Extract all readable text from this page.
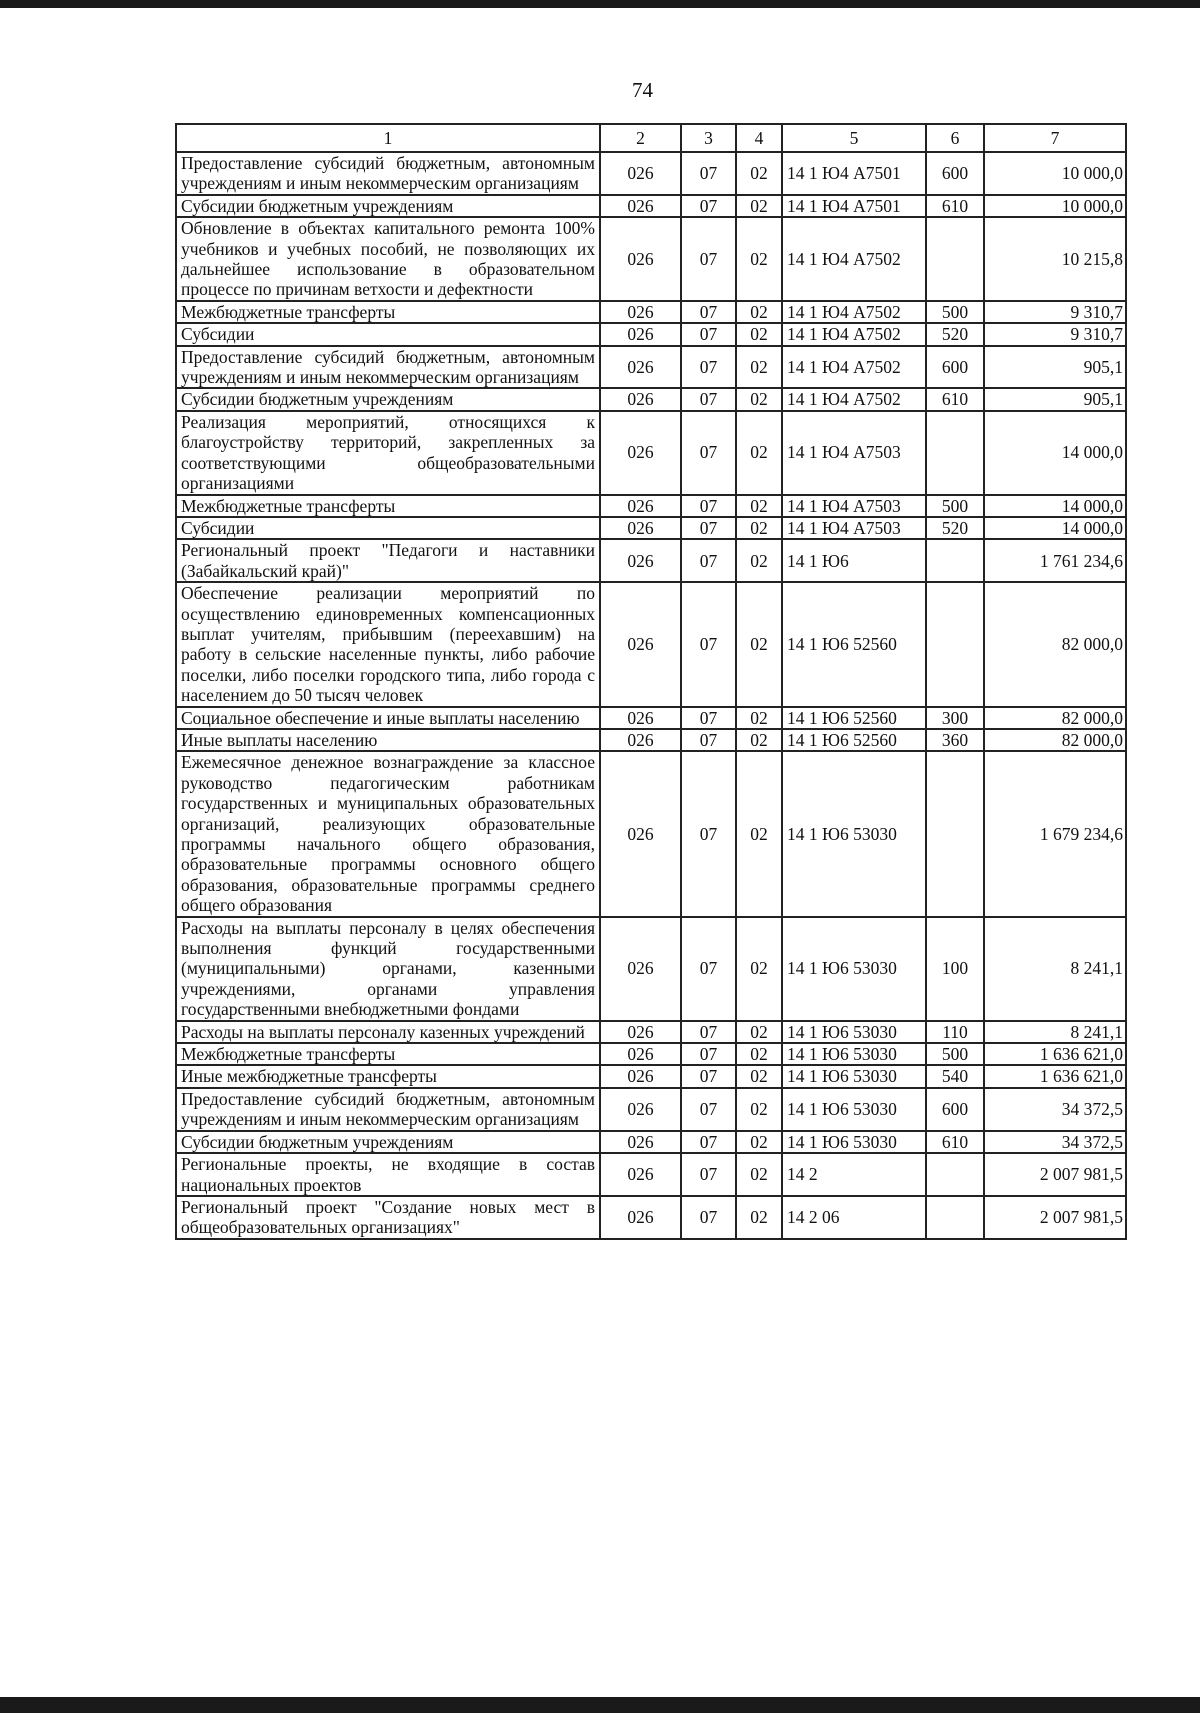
74
1	2	3	4	5	6	7
Предоставление субсидий бюджетным, автономным учреждениям и иным некоммерческим организациям	026	07	02	14 1 Ю4 А7501	600	10 000,0
Субсидии бюджетным учреждениям	026	07	02	14 1 Ю4 А7501	610	10 000,0
Обновление в объектах капитального ремонта 100% учебников и учебных пособий, не позволяющих их дальнейшее использование в образовательном процессе по причинам ветхости и дефектности	026	07	02	14 1 Ю4 А7502		10 215,8
Межбюджетные трансферты	026	07	02	14 1 Ю4 А7502	500	9 310,7
Субсидии	026	07	02	14 1 Ю4 А7502	520	9 310,7
Предоставление субсидий бюджетным, автономным учреждениям и иным некоммерческим организациям	026	07	02	14 1 Ю4 А7502	600	905,1
Субсидии бюджетным учреждениям	026	07	02	14 1 Ю4 А7502	610	905,1
Реализация мероприятий, относящихся к благоустройству территорий, закрепленных за соответствующими общеобразовательными организациями	026	07	02	14 1 Ю4 А7503		14 000,0
Межбюджетные трансферты	026	07	02	14 1 Ю4 А7503	500	14 000,0
Субсидии	026	07	02	14 1 Ю4 А7503	520	14 000,0
Региональный проект "Педагоги и наставники (Забайкальский край)"	026	07	02	14 1 Ю6		1 761 234,6
Обеспечение реализации мероприятий по осуществлению единовременных компенсационных выплат учителям, прибывшим (переехавшим) на работу в сельские населенные пункты, либо рабочие поселки, либо поселки городского типа, либо города с населением до 50 тысяч человек	026	07	02	14 1 Ю6 52560		82 000,0
Социальное обеспечение и иные выплаты населению	026	07	02	14 1 Ю6 52560	300	82 000,0
Иные выплаты населению	026	07	02	14 1 Ю6 52560	360	82 000,0
Ежемесячное денежное вознаграждение за классное руководство педагогическим работникам государственных и муниципальных образовательных организаций, реализующих образовательные программы начального общего образования, образовательные программы основного общего образования, образовательные программы среднего общего образования	026	07	02	14 1 Ю6 53030		1 679 234,6
Расходы на выплаты персоналу в целях обеспечения выполнения функций государственными (муниципальными) органами, казенными учреждениями, органами управления государственными внебюджетными фондами	026	07	02	14 1 Ю6 53030	100	8 241,1
Расходы на выплаты персоналу казенных учреждений	026	07	02	14 1 Ю6 53030	110	8 241,1
Межбюджетные трансферты	026	07	02	14 1 Ю6 53030	500	1 636 621,0
Иные межбюджетные трансферты	026	07	02	14 1 Ю6 53030	540	1 636 621,0
Предоставление субсидий бюджетным, автономным учреждениям и иным некоммерческим организациям	026	07	02	14 1 Ю6 53030	600	34 372,5
Субсидии бюджетным учреждениям	026	07	02	14 1 Ю6 53030	610	34 372,5
Региональные проекты, не входящие в состав национальных проектов	026	07	02	14 2		2 007 981,5
Региональный проект "Создание новых мест в общеобразовательных организациях"	026	07	02	14 2 06		2 007 981,5
